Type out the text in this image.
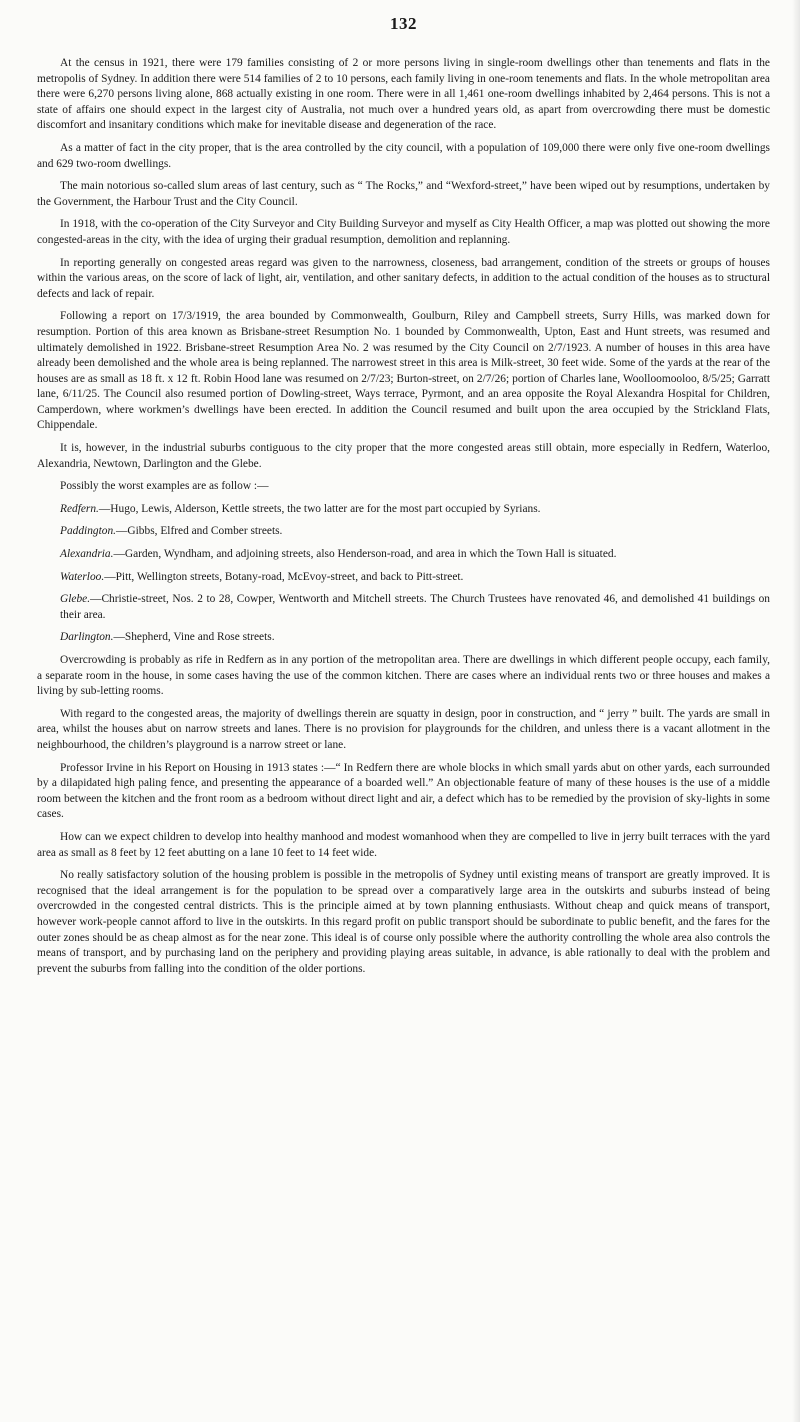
132

At the census in 1921, there were 179 families consisting of 2 or more persons living in single-room dwellings other than tenements and flats in the metropolis of Sydney. In addition there were 514 families of 2 to 10 persons, each family living in one-room tenements and flats. In the whole metropolitan area there were 6,270 persons living alone, 868 actually existing in one room. There were in all 1,461 one-room dwellings inhabited by 2,464 persons. This is not a state of affairs one should expect in the largest city of Australia, not much over a hundred years old, as apart from overcrowding there must be domestic discomfort and insanitary conditions which make for inevitable disease and degeneration of the race.

As a matter of fact in the city proper, that is the area controlled by the city council, with a population of 109,000 there were only five one-room dwellings and 629 two-room dwellings.

The main notorious so-called slum areas of last century, such as “ The Rocks,” and “Wexford-street,” have been wiped out by resumptions, undertaken by the Government, the Harbour Trust and the City Council.

In 1918, with the co-operation of the City Surveyor and City Building Surveyor and myself as City Health Officer, a map was plotted out showing the more congested-areas in the city, with the idea of urging their gradual resumption, demolition and replanning.

In reporting generally on congested areas regard was given to the narrowness, closeness, bad arrangement, condition of the streets or groups of houses within the various areas, on the score of lack of light, air, ventilation, and other sanitary defects, in addition to the actual condition of the houses as to structural defects and lack of repair.

Following a report on 17/3/1919, the area bounded by Commonwealth, Goulburn, Riley and Campbell streets, Surry Hills, was marked down for resumption. Portion of this area known as Brisbane-street Resumption No. 1 bounded by Commonwealth, Upton, East and Hunt streets, was resumed and ultimately demolished in 1922. Brisbane-street Resumption Area No. 2 was resumed by the City Council on 2/7/1923. A number of houses in this area have already been demolished and the whole area is being replanned. The narrowest street in this area is Milk-street, 30 feet wide. Some of the yards at the rear of the houses are as small as 18 ft. x 12 ft. Robin Hood lane was resumed on 2/7/23; Burton-street, on 2/7/26; portion of Charles lane, Woolloomooloo, 8/5/25; Garratt lane, 6/11/25. The Council also resumed portion of Dowling-street, Ways terrace, Pyrmont, and an area opposite the Royal Alexandra Hospital for Children, Camperdown, where workmen’s dwellings have been erected. In addition the Council resumed and built upon the area occupied by the Strickland Flats, Chippendale.

It is, however, in the industrial suburbs contiguous to the city proper that the more congested areas still obtain, more especially in Redfern, Waterloo, Alexandria, Newtown, Darlington and the Glebe.

Possibly the worst examples are as follow :—

Redfern.—Hugo, Lewis, Alderson, Kettle streets, the two latter are for the most part occupied by Syrians.

Paddington.—Gibbs, Elfred and Comber streets.

Alexandria.—Garden, Wyndham, and adjoining streets, also Henderson-road, and area in which the Town Hall is situated.

Waterloo.—Pitt, Wellington streets, Botany-road, McEvoy-street, and back to Pitt-street.

Glebe.—Christie-street, Nos. 2 to 28, Cowper, Wentworth and Mitchell streets. The Church Trustees have renovated 46, and demolished 41 buildings on their area.

Darlington.—Shepherd, Vine and Rose streets.

Overcrowding is probably as rife in Redfern as in any portion of the metropolitan area. There are dwellings in which different people occupy, each family, a separate room in the house, in some cases having the use of the common kitchen. There are cases where an individual rents two or three houses and makes a living by sub-letting rooms.

With regard to the congested areas, the majority of dwellings therein are squatty in design, poor in construction, and “ jerry ” built. The yards are small in area, whilst the houses abut on narrow streets and lanes. There is no provision for playgrounds for the children, and unless there is a vacant allotment in the neighbourhood, the children’s playground is a narrow street or lane.

Professor Irvine in his Report on Housing in 1913 states :—“ In Redfern there are whole blocks in which small yards abut on other yards, each surrounded by a dilapidated high paling fence, and presenting the appearance of a boarded well.” An objectionable feature of many of these houses is the use of a middle room between the kitchen and the front room as a bedroom without direct light and air, a defect which has to be remedied by the provision of sky-lights in some cases.

How can we expect children to develop into healthy manhood and modest womanhood when they are compelled to live in jerry built terraces with the yard area as small as 8 feet by 12 feet abutting on a lane 10 feet to 14 feet wide.

No really satisfactory solution of the housing problem is possible in the metropolis of Sydney until existing means of transport are greatly improved. It is recognised that the ideal arrangement is for the population to be spread over a comparatively large area in the outskirts and suburbs instead of being overcrowded in the congested central districts. This is the principle aimed at by town planning enthusiasts. Without cheap and quick means of transport, however work-people cannot afford to live in the outskirts. In this regard profit on public transport should be subordinate to public benefit, and the fares for the outer zones should be as cheap almost as for the near zone. This ideal is of course only possible where the authority controlling the whole area also controls the means of transport, and by purchasing land on the periphery and providing playing areas suitable, in advance, is able rationally to deal with the problem and prevent the suburbs from falling into the condition of the older portions.
